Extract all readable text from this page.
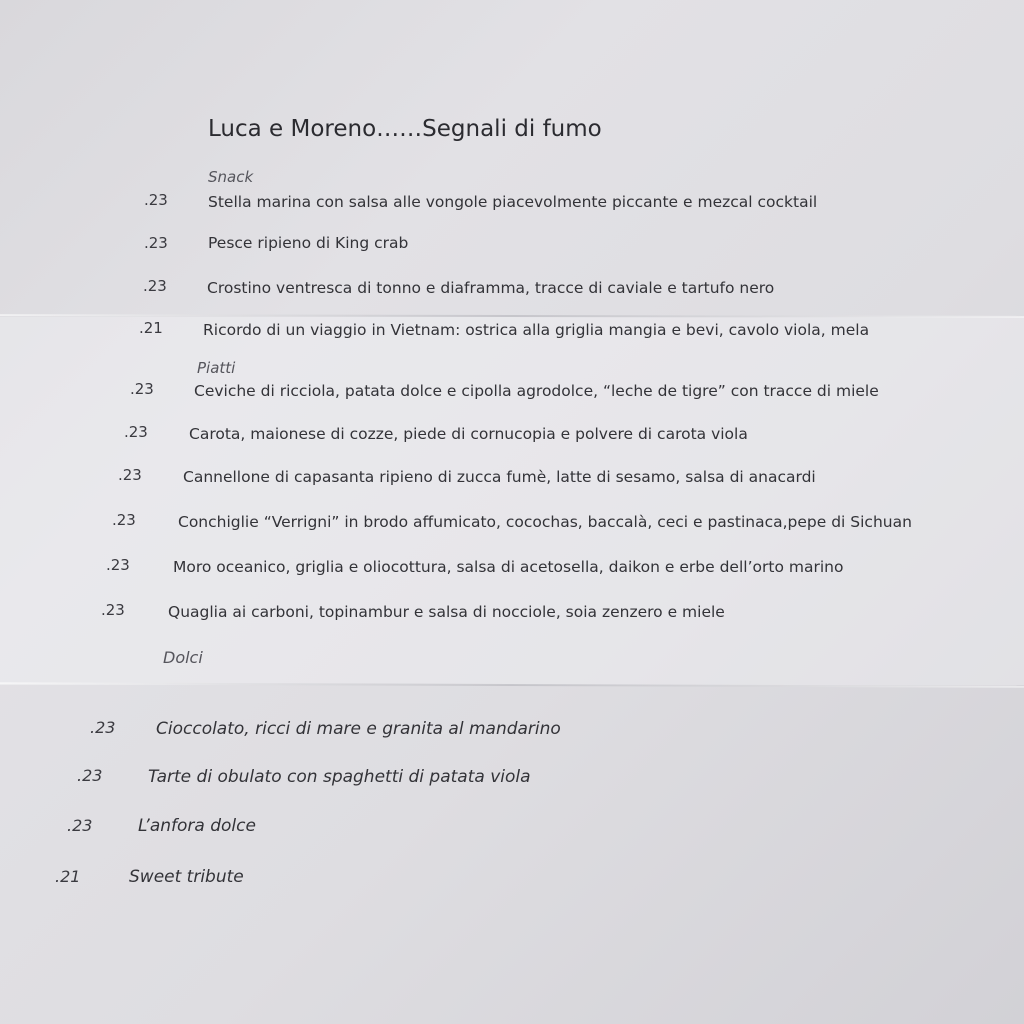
Luca e Moreno……Segnali di fumo
Snack
.23	Stella marina con salsa alle vongole piacevolmente piccante e mezcal cocktail
.23	Pesce ripieno di King crab
.23	Crostino ventresca di tonno e diaframma, tracce di caviale e tartufo nero
.21	Ricordo di un viaggio in Vietnam: ostrica alla griglia mangia e bevi, cavolo viola, mela
Piatti
.23	Ceviche di ricciola, patata dolce e cipolla agrodolce, “leche de tigre” con tracce di miele
.23	Carota, maionese di cozze, piede di cornucopia e polvere di carota viola
.23	Cannellone di capasanta ripieno di zucca fumè, latte di sesamo, salsa di anacardi
.23	Conchiglie “Verrigni” in brodo affumicato, cocochas, baccalà, ceci e pastinaca,pepe di Sichuan
.23	Moro oceanico, griglia e oliocottura, salsa di acetosella, daikon e erbe dell’orto marino
.23	Quaglia ai carboni, topinambur e salsa di nocciole, soia zenzero e miele
Dolci
.23 Cioccolato, ricci di mare e granita al mandarino
.23	Tarte di obulato con spaghetti di patata viola
.23	L’anfora dolce
.21	Sweet tribute
